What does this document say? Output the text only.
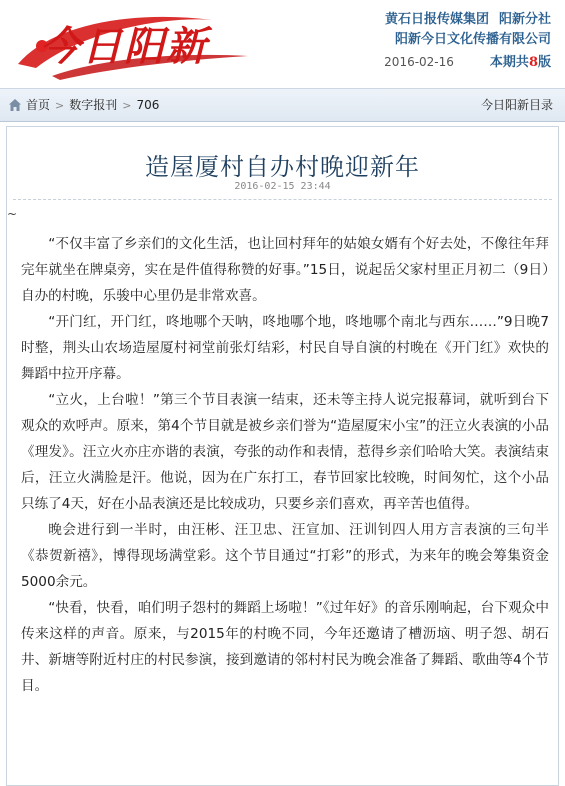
今日阳新
黄石日报传媒集团 阳新分社
阳新今日文化传播有限公司
2016-02-16	本期共8版
首页 > 数字报刊 > 706	今日阳新目录
造屋厦村自办村晚迎新年
2016-02-15 23:44
~

“不仅丰富了乡亲们的文化生活，也让回村拜年的姑娘女婿有个好去处，不像往年拜完年就坐在牌桌旁，实在是件值得称赞的好事。”15日，说起岳父家村里正月初二（9日）自办的村晚，乐骏中心里仍是非常欢喜。

“开门红，开门红，咚地哪个天呐，咚地哪个地，咚地哪个南北与西东……”9日晚7时整，荆头山农场造屋厦村祠堂前张灯结彩，村民自导自演的村晚在《开门红》欢快的舞蹈中拉开序幕。

“立火，上台啦！”第三个节目表演一结束，还未等主持人说完报幕词，就听到台下观众的欢呼声。原来，第4个节目就是被乡亲们誉为“造屋厦宋小宝”的汪立火表演的小品《理发》。汪立火亦庄亦谐的表演，夸张的动作和表情，惹得乡亲们哈哈大笑。表演结束后，汪立火满脸是汗。他说，因为在广东打工，春节回家比较晚，时间匆忙，这个小品只练了4天，好在小品表演还是比较成功，只要乡亲们喜欢，再辛苦也值得。

晚会进行到一半时，由汪彬、汪卫忠、汪宣加、汪训钊四人用方言表演的三句半《恭贺新禧》，博得现场满堂彩。这个节目通过“打彩”的形式，为来年的晚会筹集资金5000余元。

“快看，快看，咱们明子怨村的舞蹈上场啦！”《过年好》的音乐刚响起，台下观众中传来这样的声音。原来，与2015年的村晚不同，今年还邀请了槽沥垴、明子怨、胡石井、新塘等附近村庄的村民参演，接到邀请的邻村村民为晚会准备了舞蹈、歌曲等4个节目。
